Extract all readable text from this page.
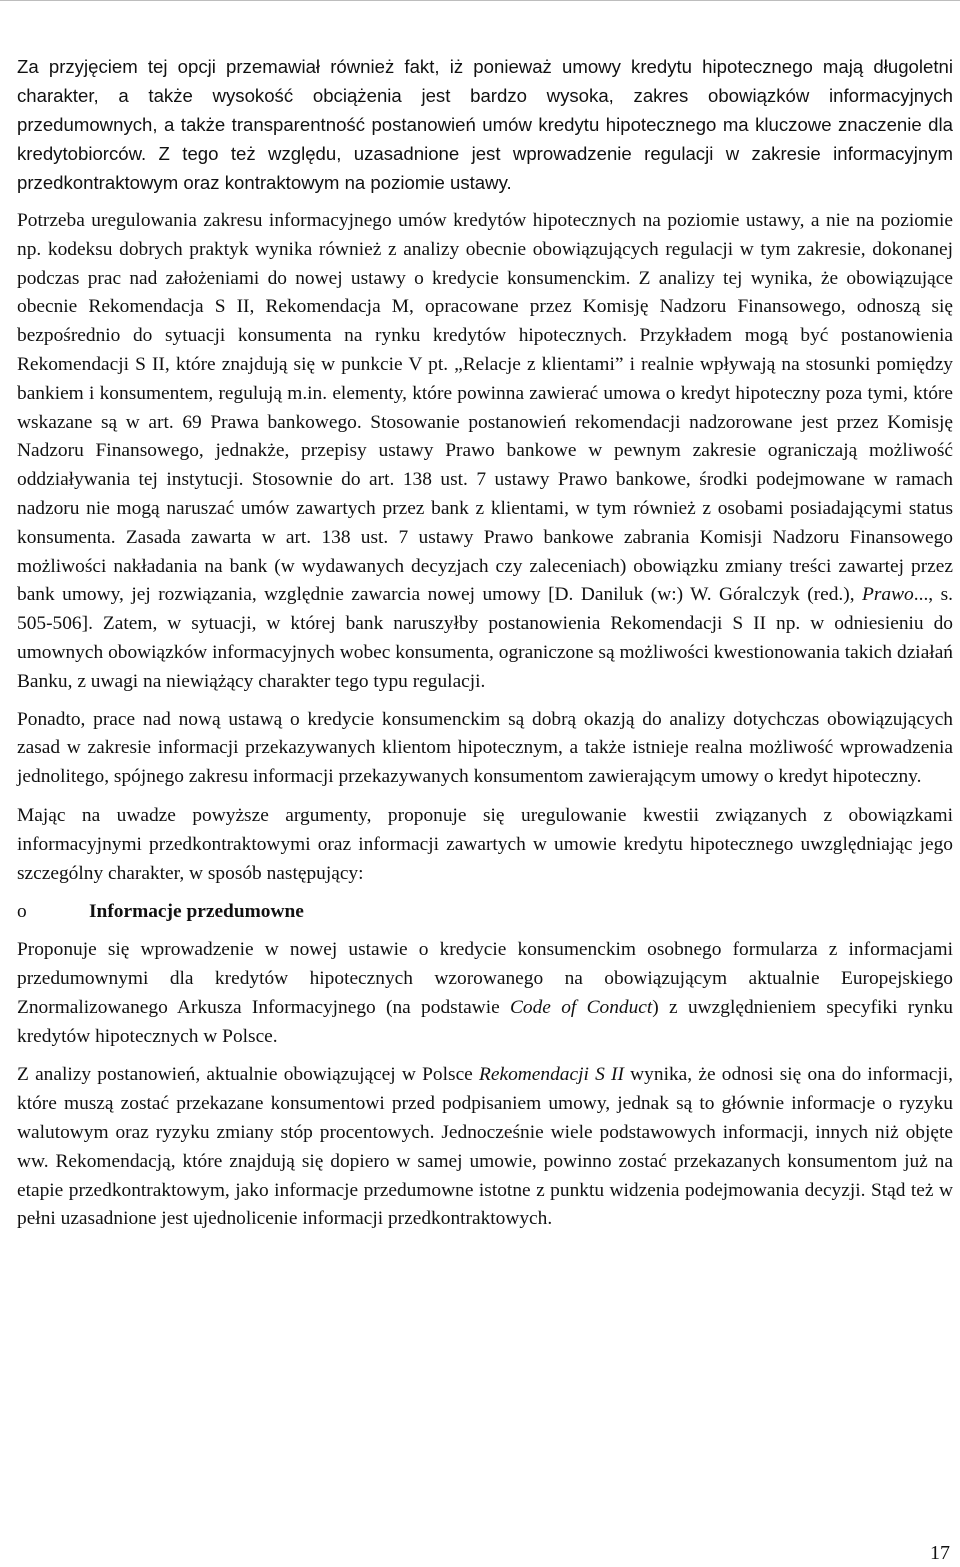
Za przyjęciem tej opcji przemawiał również fakt, iż ponieważ umowy kredytu hipotecznego mają długoletni charakter, a także wysokość obciążenia jest bardzo wysoka, zakres obowiązków informacyjnych przedumownych, a także transparentność postanowień umów kredytu hipotecznego ma kluczowe znaczenie dla kredytobiorców. Z tego też względu, uzasadnione jest wprowadzenie regulacji w zakresie informacyjnym przedkontraktowym oraz kontraktowym na poziomie ustawy.

Potrzeba uregulowania zakresu informacyjnego umów kredytów hipotecznych na poziomie ustawy, a nie na poziomie np. kodeksu dobrych praktyk wynika również z analizy obecnie obowiązujących regulacji w tym zakresie, dokonanej podczas prac nad założeniami do nowej ustawy o kredycie konsumenckim. Z analizy tej wynika, że obowiązujące obecnie Rekomendacja S II, Rekomendacja M, opracowane przez Komisję Nadzoru Finansowego, odnoszą się bezpośrednio do sytuacji konsumenta na rynku kredytów hipotecznych. Przykładem mogą być postanowienia Rekomendacji S II, które znajdują się w punkcie V pt. „Relacje z klientami” i realnie wpływają na stosunki pomiędzy bankiem i konsumentem, regulują m.in. elementy, które powinna zawierać umowa o kredyt hipoteczny poza tymi, które wskazane są w art. 69 Prawa bankowego. Stosowanie postanowień rekomendacji nadzorowane jest przez Komisję Nadzoru Finansowego, jednakże, przepisy ustawy Prawo bankowe w pewnym zakresie ograniczają możliwość oddziaływania tej instytucji. Stosownie do art. 138 ust. 7 ustawy Prawo bankowe, środki podejmowane w ramach nadzoru nie mogą naruszać umów zawartych przez bank z klientami, w tym również z osobami posiadającymi status konsumenta. Zasada zawarta w art. 138 ust. 7 ustawy Prawo bankowe zabrania Komisji Nadzoru Finansowego możliwości nakładania na bank (w wydawanych decyzjach czy zaleceniach) obowiązku zmiany treści zawartej przez bank umowy, jej rozwiązania, względnie zawarcia nowej umowy [D. Daniluk (w:) W. Góralczyk (red.), Prawo..., s. 505-506]. Zatem, w sytuacji, w której bank naruszyłby postanowienia Rekomendacji S II np. w odniesieniu do umownych obowiązków informacyjnych wobec konsumenta, ograniczone są możliwości kwestionowania takich działań Banku, z uwagi na niewiążący charakter tego typu regulacji.

Ponadto, prace nad nową ustawą o kredycie konsumenckim są dobrą okazją do analizy dotychczas obowiązujących zasad w zakresie informacji przekazywanych klientom hipotecznym, a także istnieje realna możliwość wprowadzenia jednolitego, spójnego zakresu informacji przekazywanych konsumentom zawierającym umowy o kredyt hipoteczny.

Mając na uwadze powyższe argumenty, proponuje się uregulowanie kwestii związanych z obowiązkami informacyjnymi przedkontraktowymi oraz informacji zawartych w umowie kredytu hipotecznego uwzględniając jego szczególny charakter, w sposób następujący:

o	Informacje przedumowne

Proponuje się wprowadzenie w nowej ustawie o kredycie konsumenckim osobnego formularza z informacjami przedumownymi dla kredytów hipotecznych wzorowanego na obowiązującym aktualnie Europejskiego Znormalizowanego Arkusza Informacyjnego (na podstawie Code of Conduct) z uwzględnieniem specyfiki rynku kredytów hipotecznych w Polsce.

Z analizy postanowień, aktualnie obowiązującej w Polsce Rekomendacji S II wynika, że odnosi się ona do informacji, które muszą zostać przekazane konsumentowi przed podpisaniem umowy, jednak są to głównie informacje o ryzyku walutowym oraz ryzyku zmiany stóp procentowych. Jednocześnie wiele podstawowych informacji, innych niż objęte ww. Rekomendacją, które znajdują się dopiero w samej umowie, powinno zostać przekazanych konsumentom już na etapie przedkontraktowym, jako informacje przedumowne istotne z punktu widzenia podejmowania decyzji. Stąd też w pełni uzasadnione jest ujednolicenie informacji przedkontraktowych.

17
